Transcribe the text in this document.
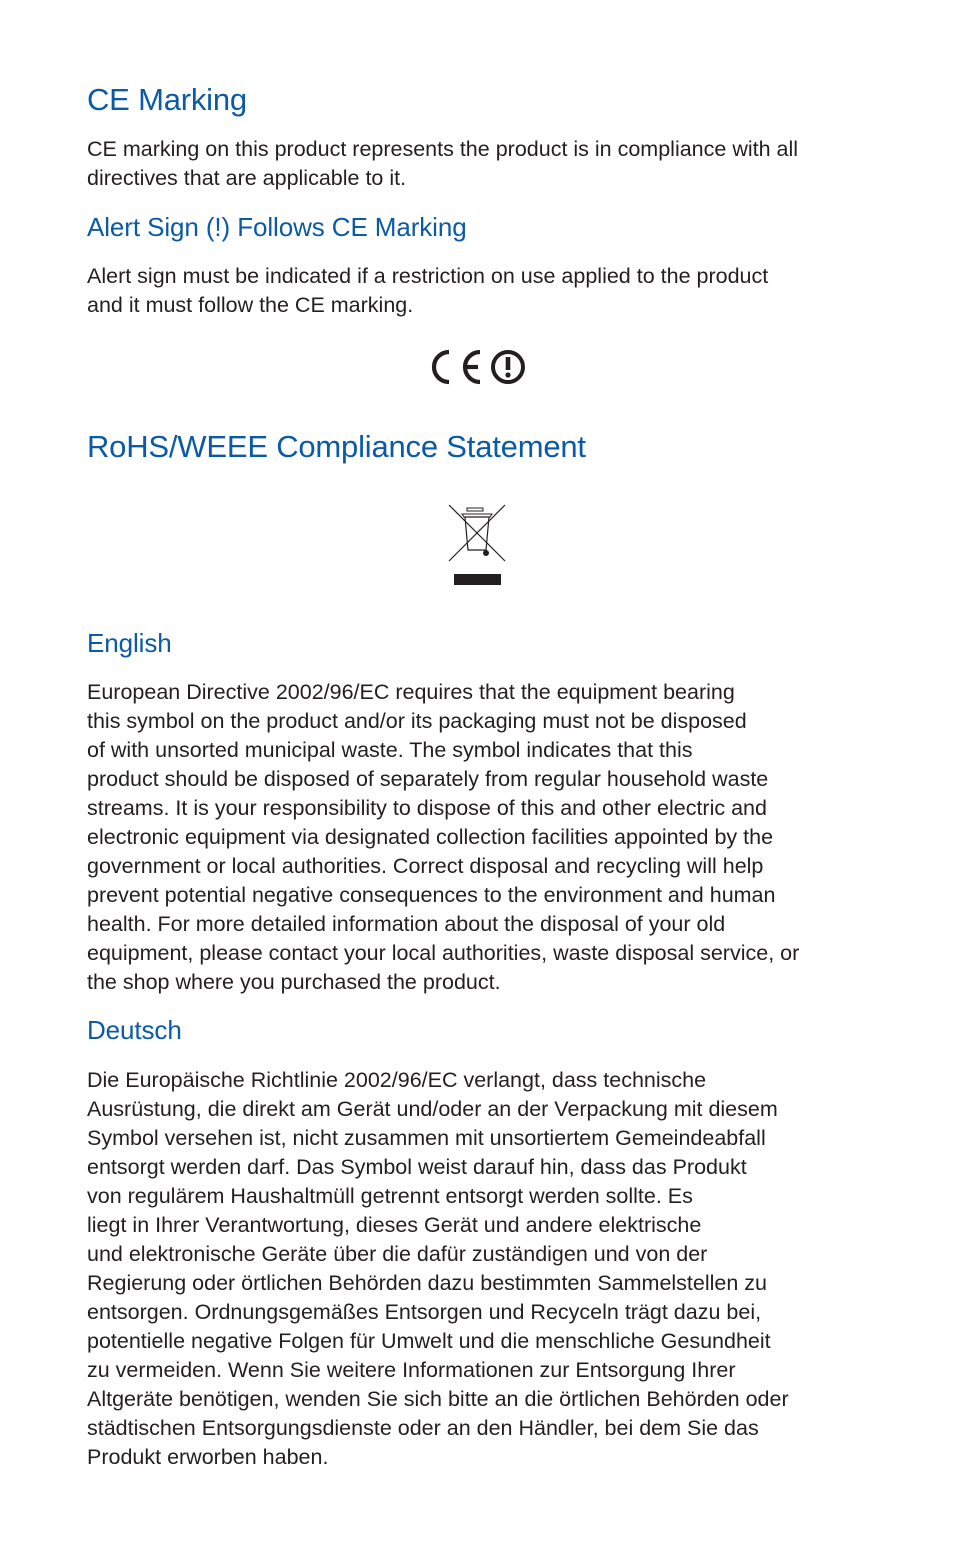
CE Marking
CE marking on this product represents the product is in compliance with all
directives that are applicable to it.
Alert Sign (!) Follows CE Marking
Alert sign must be indicated if a restriction on use applied to the product
and it must follow the CE marking.
RoHS/WEEE Compliance Statement
English
European Directive 2002/96/EC requires that the equipment bearing
this symbol on the product and/or its packaging must not be disposed
of with unsorted municipal waste. The symbol indicates that this
product should be disposed of separately from regular household waste
streams. It is your responsibility to dispose of this and other electric and
electronic equipment via designated collection facilities appointed by the
government or local authorities. Correct disposal and recycling will help
prevent potential negative consequences to the environment and human
health. For more detailed information about the disposal of your old
equipment, please contact your local authorities, waste disposal service, or
the shop where you purchased the product.
Deutsch
Die Europäische Richtlinie 2002/96/EC verlangt, dass technische
Ausrüstung, die direkt am Gerät und/oder an der Verpackung mit diesem
Symbol versehen ist, nicht zusammen mit unsortiertem Gemeindeabfall
entsorgt werden darf. Das Symbol weist darauf hin, dass das Produkt
von regulärem Haushaltmüll getrennt entsorgt werden sollte. Es
liegt in Ihrer Verantwortung, dieses Gerät und andere elektrische
und elektronische Geräte über die dafür zuständigen und von der
Regierung oder örtlichen Behörden dazu bestimmten Sammelstellen zu
entsorgen. Ordnungsgemäßes Entsorgen und Recyceln trägt dazu bei,
potentielle negative Folgen für Umwelt und die menschliche Gesundheit
zu vermeiden. Wenn Sie weitere Informationen zur Entsorgung Ihrer
Altgeräte benötigen, wenden Sie sich bitte an die örtlichen Behörden oder
städtischen Entsorgungsdienste oder an den Händler, bei dem Sie das
Produkt erworben haben.
